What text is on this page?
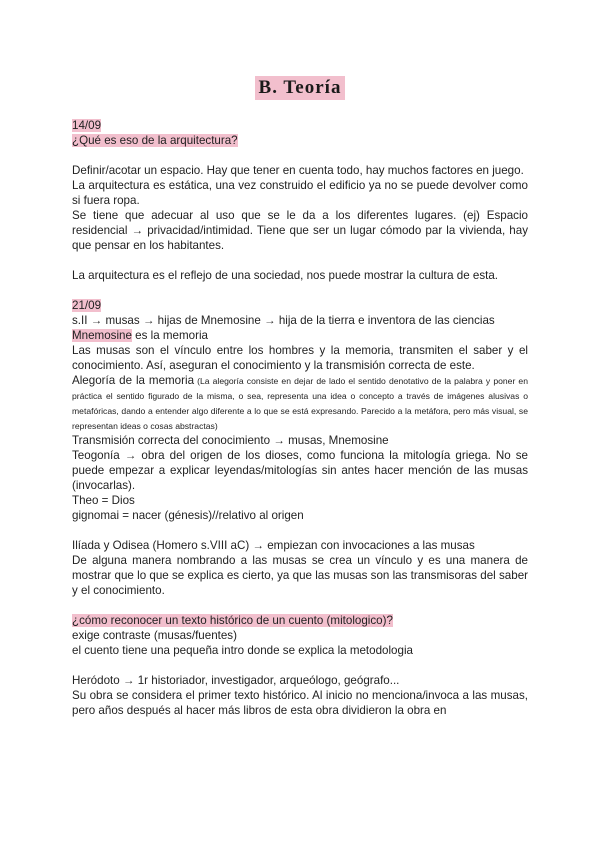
B. Teoría

14/09

¿Qué es eso de la arquitectura?

Definir/acotar un espacio. Hay que tener en cuenta todo, hay muchos factores en juego.

La arquitectura es estática, una vez construido el edificio ya no se puede devolver como si fuera ropa.

Se tiene que adecuar al uso que se le da a los diferentes lugares. (ej) Espacio residencial → privacidad/intimidad. Tiene que ser un lugar cómodo par la vivienda, hay que pensar en los habitantes.

La arquitectura es el reflejo de una sociedad, nos puede mostrar la cultura de esta.

21/09

s.II → musas → hijas de Mnemosine → hija de la tierra e inventora de las ciencias

Mnemosine es la memoria

Las musas son el vínculo entre los hombres y la memoria, transmiten el saber y el conocimiento. Así, aseguran el conocimiento y la transmisión correcta de este.

Alegoría de la memoria (La alegoría consiste en dejar de lado el sentido denotativo de la palabra y poner en práctica el sentido figurado de la misma, o sea, representa una idea o concepto a través de imágenes alusivas o metafóricas, dando a entender algo diferente a lo que se está expresando. Parecido a la metáfora, pero más visual, se representan ideas o cosas abstractas)

Transmisión correcta del conocimiento → musas, Mnemosine

Teogonía → obra del origen de los dioses, como funciona la mitología griega. No se puede empezar a explicar leyendas/mitologías sin antes hacer mención de las musas (invocarlas).

Theo = Dios

gignomai = nacer (génesis)//relativo al origen

Ilíada y Odisea (Homero s.VIII aC) → empiezan con invocaciones a las musas

De alguna manera nombrando a las musas se crea un vínculo y es una manera de mostrar que lo que se explica es cierto, ya que las musas son las transmisoras del saber y el conocimiento.

¿cómo reconocer un texto histórico de un cuento (mitologico)?

exige contraste (musas/fuentes)

el cuento tiene una pequeña intro donde se explica la metodologia

Heródoto → 1r historiador, investigador, arqueólogo, geógrafo...

Su obra se considera el primer texto histórico. Al inicio no menciona/invoca a las musas, pero años después al hacer más libros de esta obra dividieron la obra en
